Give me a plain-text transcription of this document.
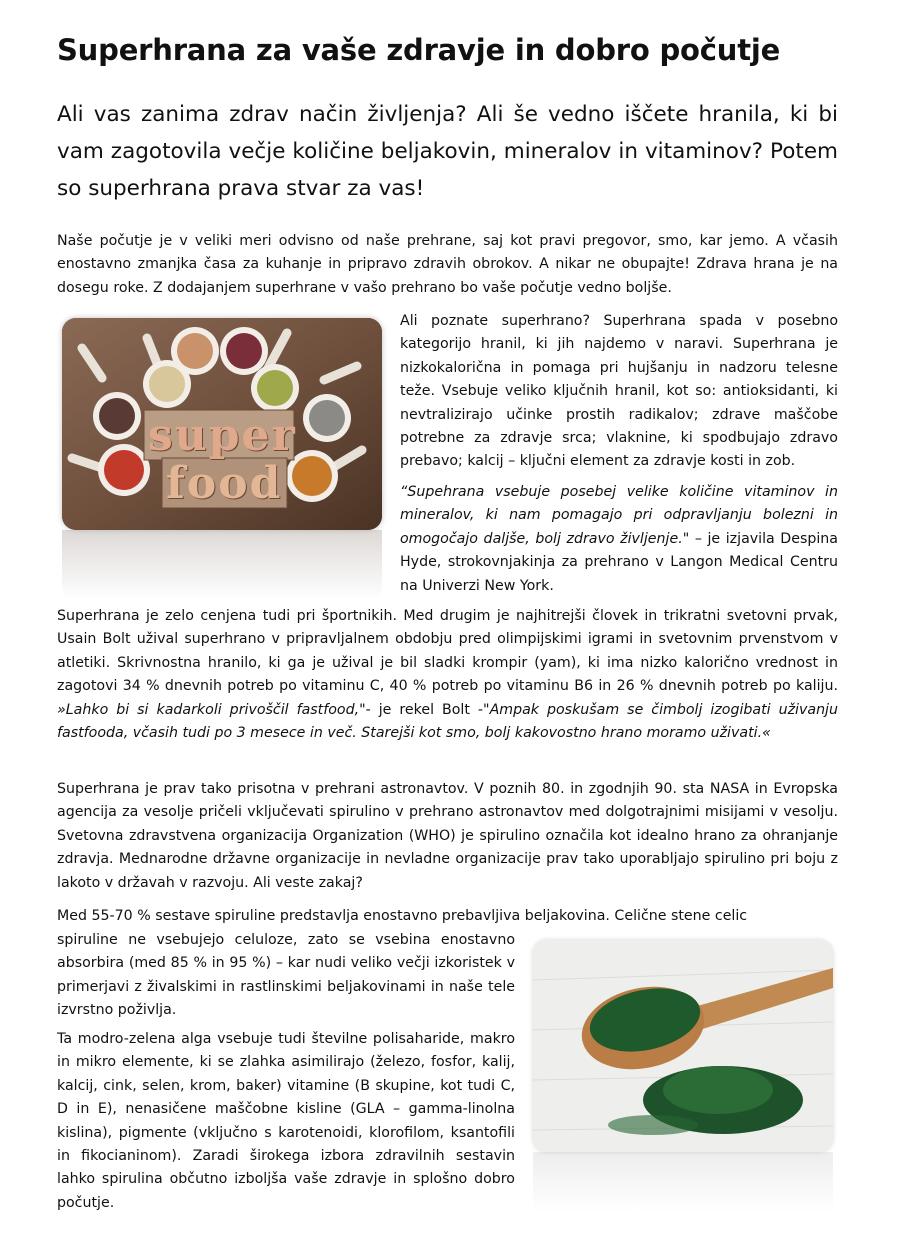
Superhrana za vaše zdravje in dobro počutje

Ali vas zanima zdrav način življenja? Ali še vedno iščete hranila, ki bi vam zagotovila večje količine beljakovin, mineralov in vitaminov? Potem so superhrana prava stvar za vas!

Naše počutje je v veliki meri odvisno od naše prehrane, saj kot pravi pregovor, smo, kar jemo. A včasih enostavno zmanjka časa za kuhanje in pripravo zdravih obrokov. A nikar ne obupajte! Zdrava hrana je na dosegu roke. Z dodajanjem superhrane v vašo prehrano bo vaše počutje vedno boljše.

super
food

Ali poznate superhrano? Superhrana spada v posebno kategorijo hranil, ki jih najdemo v naravi. Superhrana je nizkokalorična in pomaga pri hujšanju in nadzoru telesne teže. Vsebuje veliko ključnih hranil, kot so: antioksidanti, ki nevtralizirajo učinke prostih radikalov; zdrave maščobe potrebne za zdravje srca; vlaknine, ki spodbujajo zdravo prebavo; kalcij – ključni element za zdravje kosti in zob.

“Supehrana vsebuje posebej velike količine vitaminov in mineralov, ki nam pomagajo pri odpravljanju bolezni in omogočajo daljše, bolj zdravo življenje." – je izjavila Despina Hyde, strokovnjakinja za prehrano v Langon Medical Centru na Univerzi New York.

Superhrana je zelo cenjena tudi pri športnikih. Med drugim je najhitrejši človek in trikratni svetovni prvak, Usain Bolt užival superhrano v pripravljalnem obdobju pred olimpijskimi igrami in svetovnim prvenstvom v atletiki. Skrivnostna hranilo, ki ga je užival je bil sladki krompir (yam), ki ima nizko kalorično vrednost in zagotovi 34 % dnevnih potreb po vitaminu C, 40 % potreb po vitaminu B6 in 26 % dnevnih potreb po kaliju. »Lahko bi si kadarkoli privoščil fastfood,"- je rekel Bolt -"Ampak poskušam se čimbolj izogibati uživanju fastfooda, včasih tudi po 3 mesece in več. Starejši kot smo, bolj kakovostno hrano moramo uživati.«

Superhrana je prav tako prisotna v prehrani astronavtov. V poznih 80. in zgodnjih 90. sta NASA in Evropska agencija za vesolje pričeli vključevati spirulino v prehrano astronavtov med dolgotrajnimi misijami v vesolju. Svetovna zdravstvena organizacija Organization (WHO) je spirulino označila kot idealno hrano za ohranjanje zdravja. Mednarodne državne organizacije in nevladne organizacije prav tako uporabljajo spirulino pri boju z lakoto v državah v razvoju. Ali veste zakaj?

Med 55-70 % sestave spiruline predstavlja enostavno prebavljiva beljakovina. Celične stene celic

spiruline ne vsebujejo celuloze, zato se vsebina enostavno absorbira (med 85 % in 95 %) – kar nudi veliko večji izkoristek v primerjavi z živalskimi in rastlinskimi beljakovinami in naše tele izvrstno poživlja.

Ta modro-zelena alga vsebuje tudi številne polisaharide, makro in mikro elemente, ki se zlahka asimilirajo (železo, fosfor, kalij, kalcij, cink, selen, krom, baker) vitamine (B skupine, kot tudi C, D in E), nenasičene maščobne kisline (GLA – gamma-linolna kislina), pigmente (vključno s karotenoidi, klorofilom, ksantofili in fikocianinom). Zaradi širokega izbora zdravilnih sestavin lahko spirulina občutno izboljša vaše zdravje in splošno dobro počutje.
